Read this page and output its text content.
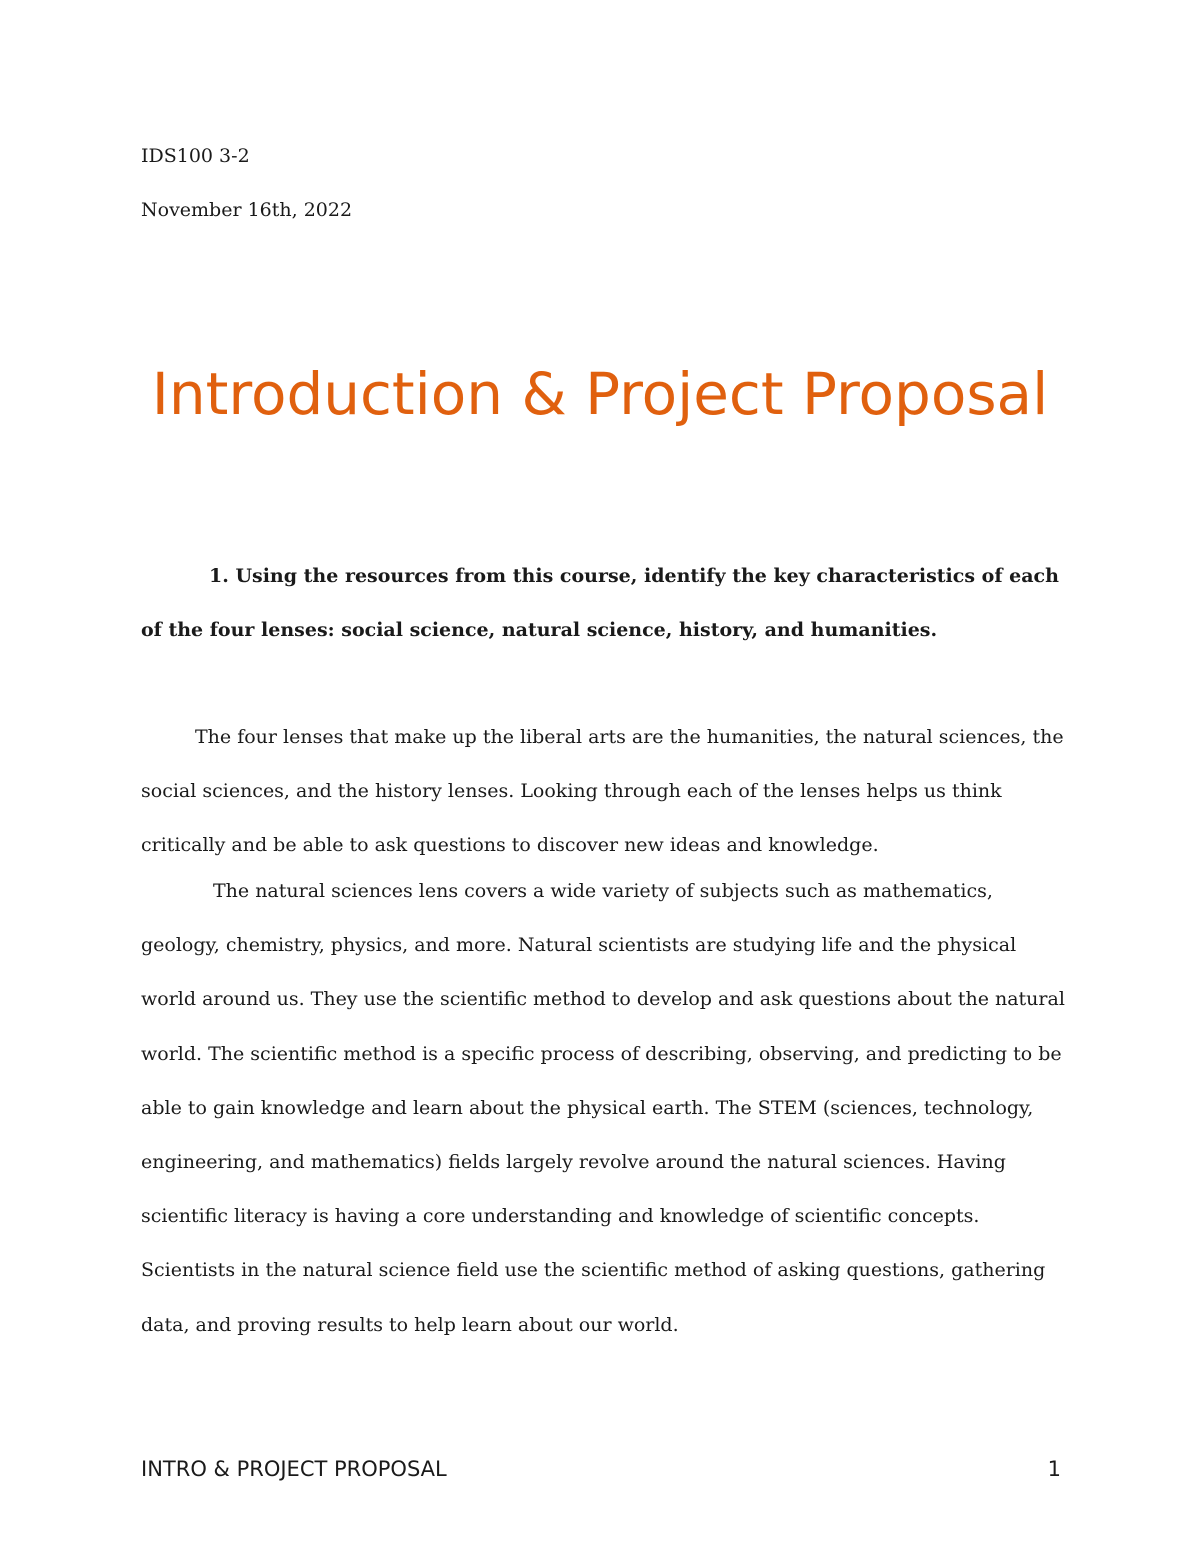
IDS100 3-2
November 16th, 2022
Introduction & Project Proposal

1. Using the resources from this course, identify the key characteristics of each of the four lenses: social science, natural science, history, and humanities.

The four lenses that make up the liberal arts are the humanities, the natural sciences, the social sciences, and the history lenses. Looking through each of the lenses helps us think critically and be able to ask questions to discover new ideas and knowledge.

The natural sciences lens covers a wide variety of subjects such as mathematics, geology, chemistry, physics, and more. Natural scientists are studying life and the physical world around us. They use the scientific method to develop and ask questions about the natural world. The scientific method is a specific process of describing, observing, and predicting to be able to gain knowledge and learn about the physical earth. The STEM (sciences, technology, engineering, and mathematics) fields largely revolve around the natural sciences. Having scientific literacy is having a core understanding and knowledge of scientific concepts. Scientists in the natural science field use the scientific method of asking questions, gathering data, and proving results to help learn about our world.

INTRO & PROJECT PROPOSAL	1
